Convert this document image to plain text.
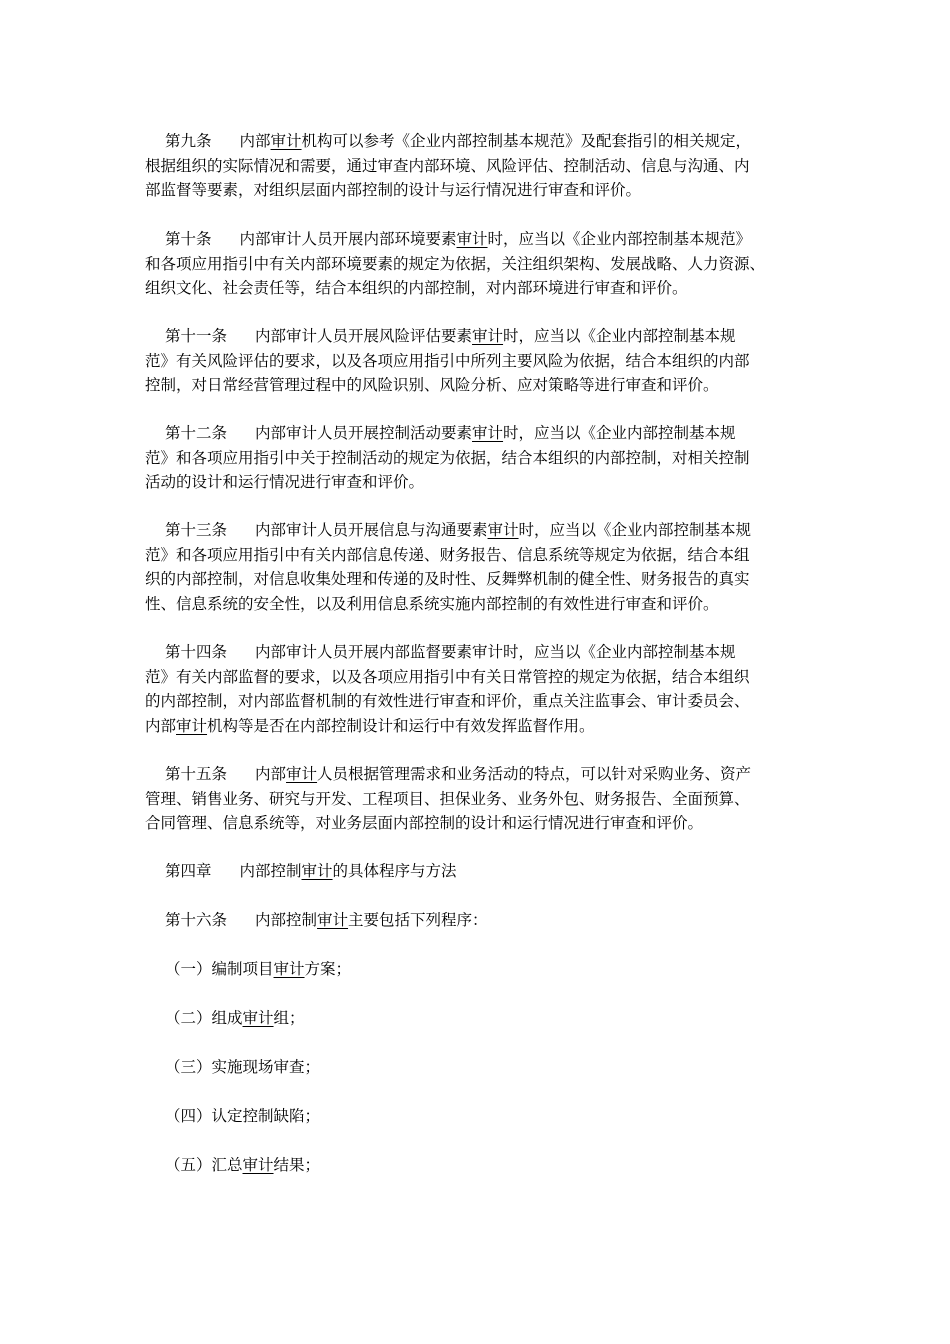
第九条 内部审计机构可以参考《企业内部控制基本规范》及配套指引的相关规定，
根据组织的实际情况和需要，通过审查内部环境、风险评估、控制活动、信息与沟通、内
部监督等要素，对组织层面内部控制的设计与运行情况进行审查和评价。
第十条 内部审计人员开展内部环境要素审计时，应当以《企业内部控制基本规范》
和各项应用指引中有关内部环境要素的规定为依据，关注组织架构、发展战略、人力资源、
组织文化、社会责任等，结合本组织的内部控制，对内部环境进行审查和评价。
第十一条 内部审计人员开展风险评估要素审计时，应当以《企业内部控制基本规
范》有关风险评估的要求，以及各项应用指引中所列主要风险为依据，结合本组织的内部
控制，对日常经营管理过程中的风险识别、风险分析、应对策略等进行审查和评价。
第十二条 内部审计人员开展控制活动要素审计时，应当以《企业内部控制基本规
范》和各项应用指引中关于控制活动的规定为依据，结合本组织的内部控制，对相关控制
活动的设计和运行情况进行审查和评价。
第十三条 内部审计人员开展信息与沟通要素审计时，应当以《企业内部控制基本规
范》和各项应用指引中有关内部信息传递、财务报告、信息系统等规定为依据，结合本组
织的内部控制，对信息收集处理和传递的及时性、反舞弊机制的健全性、财务报告的真实
性、信息系统的安全性，以及利用信息系统实施内部控制的有效性进行审查和评价。
第十四条 内部审计人员开展内部监督要素审计时，应当以《企业内部控制基本规
范》有关内部监督的要求，以及各项应用指引中有关日常管控的规定为依据，结合本组织
的内部控制，对内部监督机制的有效性进行审查和评价，重点关注监事会、审计委员会、
内部审计机构等是否在内部控制设计和运行中有效发挥监督作用。
第十五条 内部审计人员根据管理需求和业务活动的特点，可以针对采购业务、资产
管理、销售业务、研究与开发、工程项目、担保业务、业务外包、财务报告、全面预算、
合同管理、信息系统等，对业务层面内部控制的设计和运行情况进行审查和评价。
第四章 内部控制审计的具体程序与方法
第十六条 内部控制审计主要包括下列程序：
（一）编制项目审计方案；
（二）组成审计组；
（三）实施现场审查；
（四）认定控制缺陷；
（五）汇总审计结果；
